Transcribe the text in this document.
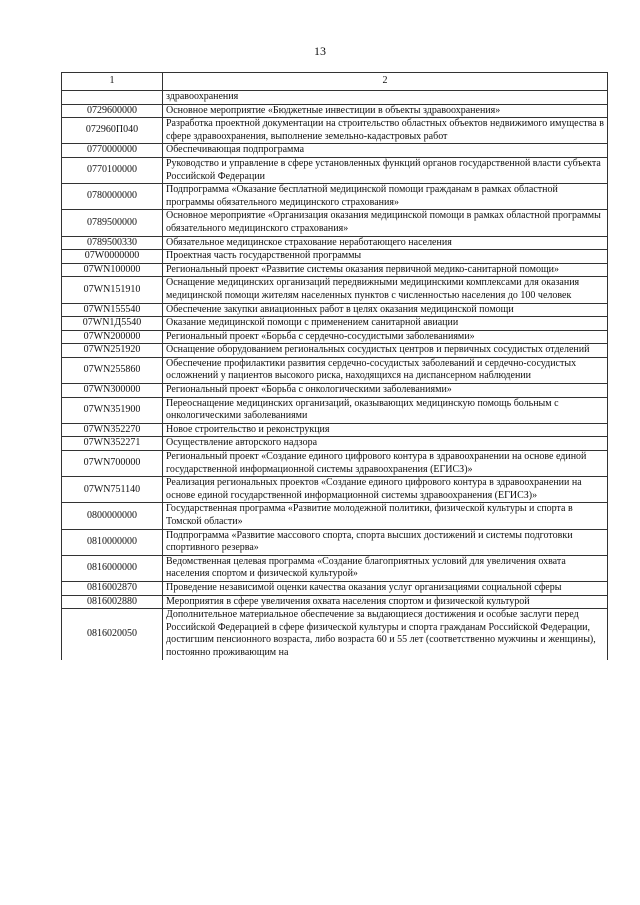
13
1	2
	здравоохранения
0729600000	Основное мероприятие «Бюджетные инвестиции в объекты здравоохранения»
072960П040	Разработка проектной документации на строительство областных объектов недвижимого имущества в сфере здравоохранения, выполнение земельно-кадастровых работ
0770000000	Обеспечивающая подпрограмма
0770100000	Руководство и управление в сфере установленных функций органов государственной власти субъекта Российской Федерации
0780000000	Подпрограмма «Оказание бесплатной медицинской помощи гражданам в рамках областной программы обязательного медицинского страхования»
0789500000	Основное мероприятие «Организация оказания медицинской помощи в рамках областной программы обязательного медицинского страхования»
0789500330	Обязательное медицинское страхование неработающего населения
07W0000000	Проектная часть государственной программы
07WN100000	Региональный проект «Развитие системы оказания первичной медико-санитарной помощи»
07WN151910	Оснащение медицинских организаций передвижными медицинскими комплексами для оказания медицинской помощи жителям населенных пунктов с численностью населения до 100 человек
07WN155540	Обеспечение закупки авиационных работ в целях оказания медицинской помощи
07WN1Д5540	Оказание медицинской помощи с применением санитарной авиации
07WN200000	Региональный проект «Борьба с сердечно-сосудистыми заболеваниями»
07WN251920	Оснащение оборудованием региональных сосудистых центров и первичных сосудистых отделений
07WN255860	Обеспечение профилактики развития сердечно-сосудистых заболеваний и сердечно-сосудистых осложнений у пациентов высокого риска, находящихся на диспансерном наблюдении
07WN300000	Региональный проект «Борьба с онкологическими заболеваниями»
07WN351900	Переоснащение медицинских организаций, оказывающих медицинскую помощь больным с онкологическими заболеваниями
07WN352270	Новое строительство и реконструкция
07WN352271	Осуществление авторского надзора
07WN700000	Региональный проект «Создание единого цифрового контура в здравоохранении на основе единой государственной информационной системы здравоохранения (ЕГИСЗ)»
07WN751140	Реализация региональных проектов «Создание единого цифрового контура в здравоохранении на основе единой государственной информационной системы здравоохранения (ЕГИСЗ)»
0800000000	Государственная программа «Развитие молодежной политики, физической культуры и спорта в Томской области»
0810000000	Подпрограмма «Развитие массового спорта, спорта высших достижений и системы подготовки спортивного резерва»
0816000000	Ведомственная целевая программа «Создание благоприятных условий для увеличения охвата населения спортом и физической культурой»
0816002870	Проведение независимой оценки качества оказания услуг организациями социальной сферы
0816002880	Мероприятия в сфере увеличения охвата населения спортом и физической культурой
0816020050	Дополнительное материальное обеспечение за выдающиеся достижения и особые заслуги перед Российской Федерацией в сфере физической культуры и спорта гражданам Российской Федерации, достигшим пенсионного возраста, либо возраста 60 и 55 лет (соответственно мужчины и женщины), постоянно проживающим на
